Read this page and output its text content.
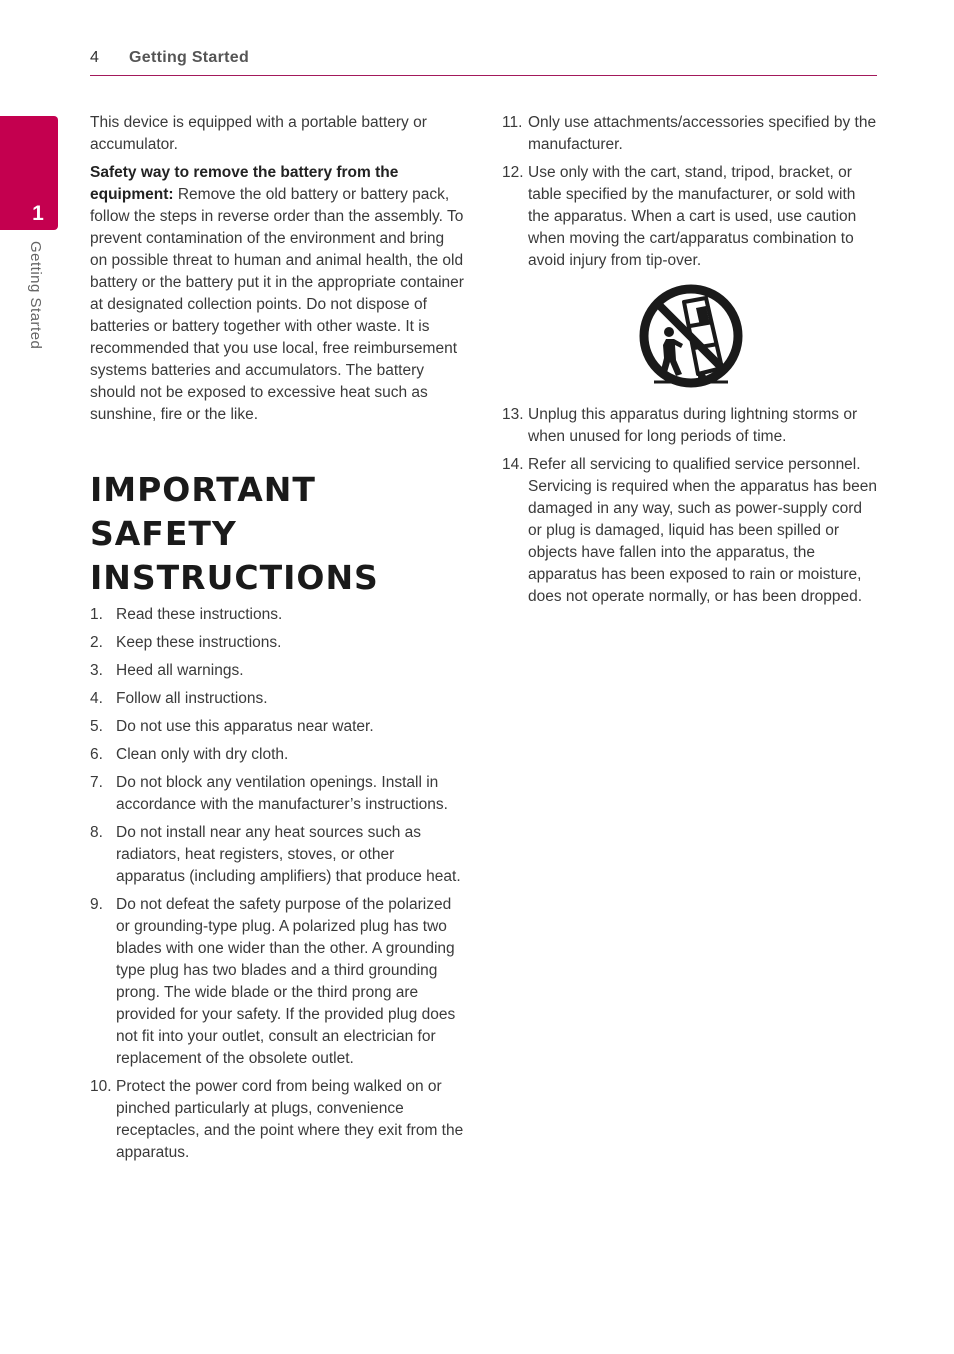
4 Getting Started
1
Getting Started

This device is equipped with a portable battery or accumulator.

Safety way to remove the battery from the equipment: Remove the old battery or battery pack, follow the steps in reverse order than the assembly. To prevent contamination of the environment and bring on possible threat to human and animal health, the old battery or the battery put it in the appropriate container at designated collection points. Do not dispose of batteries or battery together with other waste. It is recommended that you use local, free reimbursement systems batteries and accumulators. The battery should not be exposed to excessive heat such as sunshine, fire or the like.

IMPORTANT SAFETY INSTRUCTIONS
1. Read these instructions.
2. Keep these instructions.
3. Heed all warnings.
4. Follow all instructions.
5. Do not use this apparatus near water.
6. Clean only with dry cloth.
7. Do not block any ventilation openings. Install in accordance with the manufacturer’s instructions.
8. Do not install near any heat sources such as radiators, heat registers, stoves, or other apparatus (including amplifiers) that produce heat.
9. Do not defeat the safety purpose of the polarized or grounding-type plug. A polarized plug has two blades with one wider than the other. A grounding type plug has two blades and a third grounding prong. The wide blade or the third prong are provided for your safety. If the provided plug does not fit into your outlet, consult an electrician for replacement of the obsolete outlet.
10. Protect the power cord from being walked on or pinched particularly at plugs, convenience receptacles, and the point where they exit from the apparatus.
11. Only use attachments/accessories specified by the manufacturer.
12. Use only with the cart, stand, tripod, bracket, or table specified by the manufacturer, or sold with the apparatus. When a cart is used, use caution when moving the cart/apparatus combination to avoid injury from tip-over.
13. Unplug this apparatus during lightning storms or when unused for long periods of time.
14. Refer all servicing to qualified service personnel. Servicing is required when the apparatus has been damaged in any way, such as power-supply cord or plug is damaged, liquid has been spilled or objects have fallen into the apparatus, the apparatus has been exposed to rain or moisture, does not operate normally, or has been dropped.
